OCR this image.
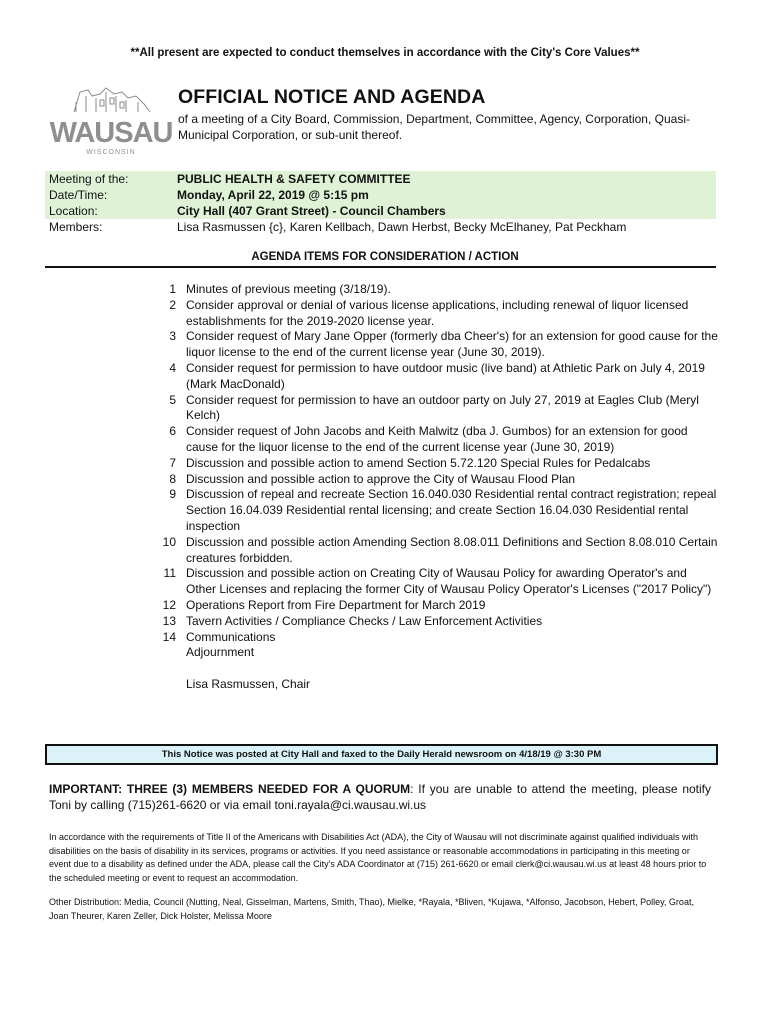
**All present are expected to conduct themselves in accordance with the City's Core Values**
WAUSAU
WISCONSIN
OFFICIAL NOTICE AND AGENDA
of a meeting of a City Board, Commission, Department, Committee, Agency, Corporation, Quasi-Municipal Corporation, or sub-unit thereof.
Meeting of the:	PUBLIC HEALTH & SAFETY COMMITTEE
Date/Time:	Monday, April 22, 2019 @ 5:15 pm
Location:	City Hall (407 Grant Street) - Council Chambers
Members:	Lisa Rasmussen {c}, Karen Kellbach, Dawn Herbst, Becky McElhaney, Pat Peckham
AGENDA ITEMS FOR CONSIDERATION / ACTION
1 Minutes of previous meeting (3/18/19).
2 Consider approval or denial of various license applications, including renewal of liquor licensed establishments for the 2019-2020 license year.
3 Consider request of Mary Jane Opper (formerly dba Cheer's) for an extension for good cause for the liquor license to the end of the current license year (June 30, 2019).
4 Consider request for permission to have outdoor music (live band) at Athletic Park on July 4, 2019 (Mark MacDonald)
5 Consider request for permission to have an outdoor party on July 27, 2019 at Eagles Club (Meryl Kelch)
6 Consider request of John Jacobs and Keith Malwitz (dba J. Gumbos) for an extension for good cause for the liquor license to the end of the current license year (June 30, 2019)
7 Discussion and possible action to amend Section 5.72.120 Special Rules for Pedalcabs
8 Discussion and possible action to approve the City of Wausau Flood Plan
9 Discussion of repeal and recreate Section 16.040.030 Residential rental contract registration; repeal Section 16.04.039 Residential rental licensing; and create Section 16.04.030 Residential rental inspection
10 Discussion and possible action Amending Section 8.08.011 Definitions and Section 8.08.010 Certain creatures forbidden.
11 Discussion and possible action on Creating City of Wausau Policy for awarding Operator's and Other Licenses and replacing the former City of Wausau Policy Operator's Licenses ("2017 Policy")
12 Operations Report from Fire Department for March 2019
13 Tavern Activities / Compliance Checks / Law Enforcement Activities
14 Communications
Adjournment
Lisa Rasmussen, Chair
This Notice was posted at City Hall and faxed to the Daily Herald newsroom on 4/18/19 @ 3:30 PM
IMPORTANT: THREE (3) MEMBERS NEEDED FOR A QUORUM: If you are unable to attend the meeting, please notify Toni by calling (715)261-6620 or via email toni.rayala@ci.wausau.wi.us
In accordance with the requirements of Title II of the Americans with Disabilities Act (ADA), the City of Wausau will not discriminate against qualified individuals with disabilities on the basis of disability in its services, programs or activities. If you need assistance or reasonable accommodations in participating in this meeting or event due to a disability as defined under the ADA, please call the City's ADA Coordinator at (715) 261-6620 or email clerk@ci.wausau.wi.us at least 48 hours prior to the scheduled meeting or event to request an accommodation.
Other Distribution: Media, Council (Nutting, Neal, Gisselman, Martens, Smith, Thao), Mielke, *Rayala, *Bliven, *Kujawa, *Alfonso, Jacobson, Hebert, Polley, Groat, Joan Theurer, Karen Zeller, Dick Holster, Melissa Moore
